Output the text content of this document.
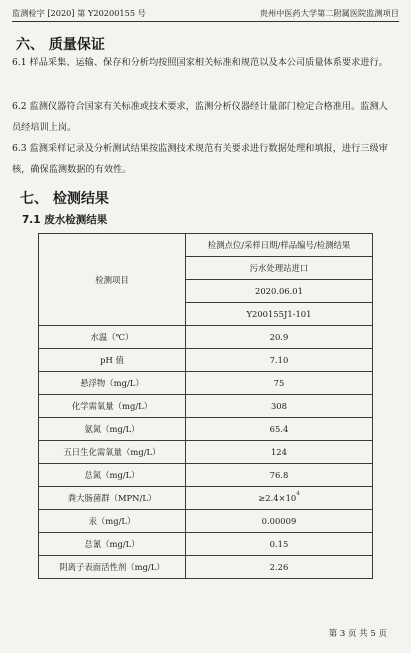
监测检字 [2020] 第 Y20200155 号	贵州中医药大学第二附属医院监测项目
六、 质量保证
6.1 样品采集、运输、保存和分析均按照国家相关标准和规范以及本公司质量体系要求进行。
6.2 监测仪器符合国家有关标准或技术要求，监测分析仪器经计量部门检定合格准用。监测人员经培训上岗。
6.3 监测采样记录及分析测试结果按监测技术规范有关要求进行数据处理和填报，进行三级审核，确保监测数据的有效性。
七、 检测结果
7.1 废水检测结果
检测项目	检测点位/采样日期/样品编号/检测结果
	污水处理站进口
	2020.06.01
	Y200155J1-101
水温（℃）	20.9
pH 值	7.10
悬浮物（mg/L）	75
化学需氧量（mg/L）	308
氨氮（mg/L）	65.4
五日生化需氧量（mg/L）	124
总氮（mg/L）	76.8
粪大肠菌群（MPN/L）	$\ge 2.4\times 10^4$
汞（mg/L）	0.00009
总氰（mg/L）	0.15
阴离子表面活性剂（mg/L）	2.26
第 3 页 共 5 页
